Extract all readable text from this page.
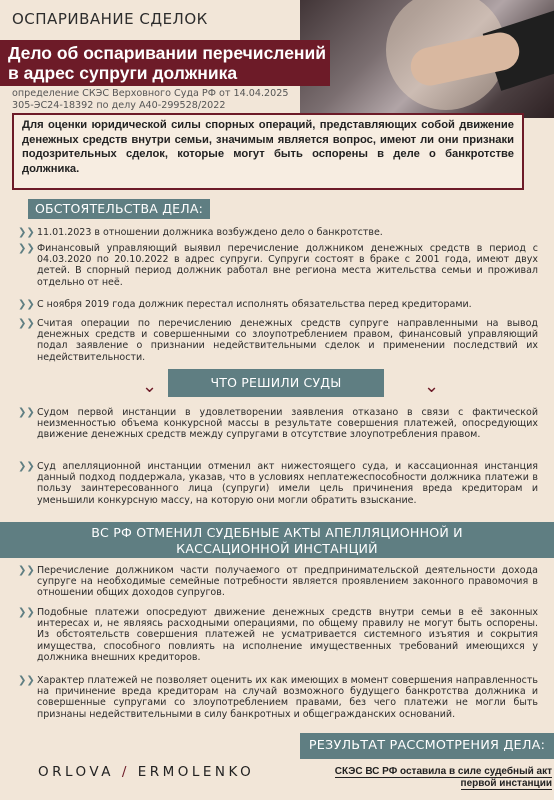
ОСПАРИВАНИЕ СДЕЛОК
Дело об оспаривании перечислений в адрес супруги должника
определение СКЭС Верховного Суда РФ от 14.04.2025
305-ЭС24-18392 по делу А40-299528/2022
Для оценки юридической силы спорных операций, представляющих собой движение денежных средств внутри семьи, значимым является вопрос, имеют ли они признаки подозрительных сделок, которые могут быть оспорены в деле о банкротстве должника.
ОБСТОЯТЕЛЬСТВА ДЕЛА:
❯❯ 11.01.2023 в отношении должника возбуждено дело о банкротстве.
❯❯ Финансовый управляющий выявил перечисление должником денежных средств в период с 04.03.2020 по 20.10.2022 в адрес супруги. Супруги состоят в браке с 2001 года, имеют двух детей. В спорный период должник работал вне региона места жительства семьи и проживал отдельно от неё.
❯❯ С ноября 2019 года должник перестал исполнять обязательства перед кредиторами.
❯❯ Считая операции по перечислению денежных средств супруге направленными на вывод денежных средств и совершенными со злоупотреблением правом, финансовый управляющий подал заявление о признании недействительными сделок и применении последствий их недействительности.
⌄	ЧТО РЕШИЛИ СУДЫ	⌄
❯❯ Судом первой инстанции в удовлетворении заявления отказано в связи с фактической неизменностью объема конкурсной массы в результате совершения платежей, опосредующих движение денежных средств между супругами в отсутствие злоупотребления правом.
❯❯ Суд апелляционной инстанции отменил акт нижестоящего суда, и кассационная инстанция данный подход поддержала, указав, что в условиях неплатежеспособности должника платежи в пользу заинтересованного лица (супруги) имели цель причинения вреда кредиторам и уменьшили конкурсную массу, на которую они могли обратить взыскание.
ВС РФ ОТМЕНИЛ СУДЕБНЫЕ АКТЫ АПЕЛЛЯЦИОННОЙ И
КАССАЦИОННОЙ ИНСТАНЦИЙ
❯❯ Перечисление должником части получаемого от предпринимательской деятельности дохода супруге на необходимые семейные потребности является проявлением законного правомочия в отношении общих доходов супругов.
❯❯ Подобные платежи опосредуют движение денежных средств внутри семьи в её законных интересах и, не являясь расходными операциями, по общему правилу не могут быть оспорены. Из обстоятельств совершения платежей не усматривается системного изъятия и сокрытия имущества, способного повлиять на исполнение имущественных требований имеющихся у должника внешних кредиторов.
❯❯ Характер платежей не позволяет оценить их как имеющих в момент совершения направленность на причинение вреда кредиторам на случай возможного будущего банкротства должника и совершенные супругами со злоупотреблением правами, без чего платежи не могли быть признаны недействительными в силу банкротных и общегражданских оснований.
РЕЗУЛЬТАТ РАССМОТРЕНИЯ ДЕЛА:
ORLOVA / ERMOLENKO	СКЭС ВС РФ оставила в силе судебный акт
первой инстанции
